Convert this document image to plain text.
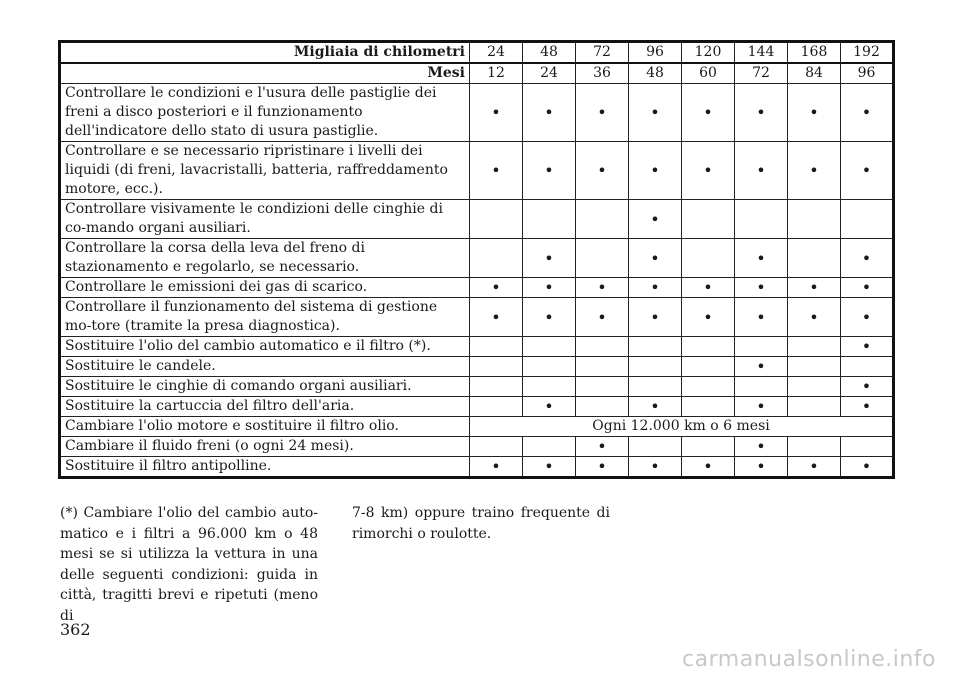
Migliaia di chilometri	24	48	72	96	120	144	168	192
Mesi	12	24	36	48	60	72	84	96
Controllare le condizioni e l'usura delle pastiglie dei freni a disco posteriori e il funzionamento dell'indicatore dello stato di usura pastiglie.	•	•	•	•	•	•	•	•
Controllare e se necessario ripristinare i livelli dei liquidi (di freni, lavacristalli, batteria, raffreddamento motore, ecc.).	•	•	•	•	•	•	•	•
Controllare visivamente le condizioni delle cinghie di co-mando organi ausiliari.				•				
Controllare la corsa della leva del freno di stazionamento e regolarlo, se necessario.		•		•		•		•
Controllare le emissioni dei gas di scarico.	•	•	•	•	•	•	•	•
Controllare il funzionamento del sistema di gestione mo-tore (tramite la presa diagnostica).	•	•	•	•	•	•	•	•
Sostituire l'olio del cambio automatico e il filtro (*).								•
Sostituire le candele.						•		
Sostituire le cinghie di comando organi ausiliari.								•
Sostituire la cartuccia del filtro dell'aria.		•		•		•		•
Cambiare l'olio motore e sostituire il filtro olio.	Ogni 12.000 km o 6 mesi							
Cambiare il fluido freni (o ogni 24 mesi).			•			•		
Sostituire il filtro antipolline.	•	•	•	•	•	•	•	•
(*) Cambiare l'olio del cambio auto-matico e i filtri a 96.000 km o 48 mesi se si utilizza la vettura in una delle seguenti condizioni: guida in città, tragitti brevi e ripetuti (meno di
7-8 km) oppure traino frequente di rimorchi o roulotte.
362
carmanualsonline.info
